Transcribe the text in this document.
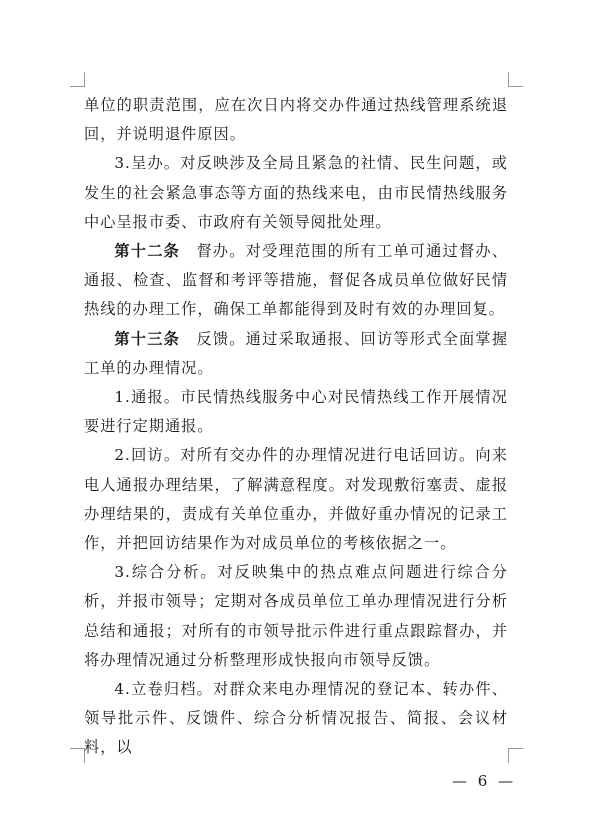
单位的职责范围，应在次日内将交办件通过热线管理系统退回，并说明退件原因。

3.呈办。对反映涉及全局且紧急的社情、民生问题，或发生的社会紧急事态等方面的热线来电，由市民情热线服务中心呈报市委、市政府有关领导阅批处理。

第十二条　督办。对受理范围的所有工单可通过督办、通报、检查、监督和考评等措施，督促各成员单位做好民情热线的办理工作，确保工单都能得到及时有效的办理回复。

第十三条　反馈。通过采取通报、回访等形式全面掌握工单的办理情况。

1.通报。市民情热线服务中心对民情热线工作开展情况要进行定期通报。

2.回访。对所有交办件的办理情况进行电话回访。向来电人通报办理结果，了解满意程度。对发现敷衍塞责、虚报办理结果的，责成有关单位重办，并做好重办情况的记录工作，并把回访结果作为对成员单位的考核依据之一。

3.综合分析。对反映集中的热点难点问题进行综合分析，并报市领导；定期对各成员单位工单办理情况进行分析总结和通报；对所有的市领导批示件进行重点跟踪督办，并将办理情况通过分析整理形成快报向市领导反馈。

4.立卷归档。对群众来电办理情况的登记本、转办件、领导批示件、反馈件、综合分析情况报告、简报、会议材料，以

— 6 —
